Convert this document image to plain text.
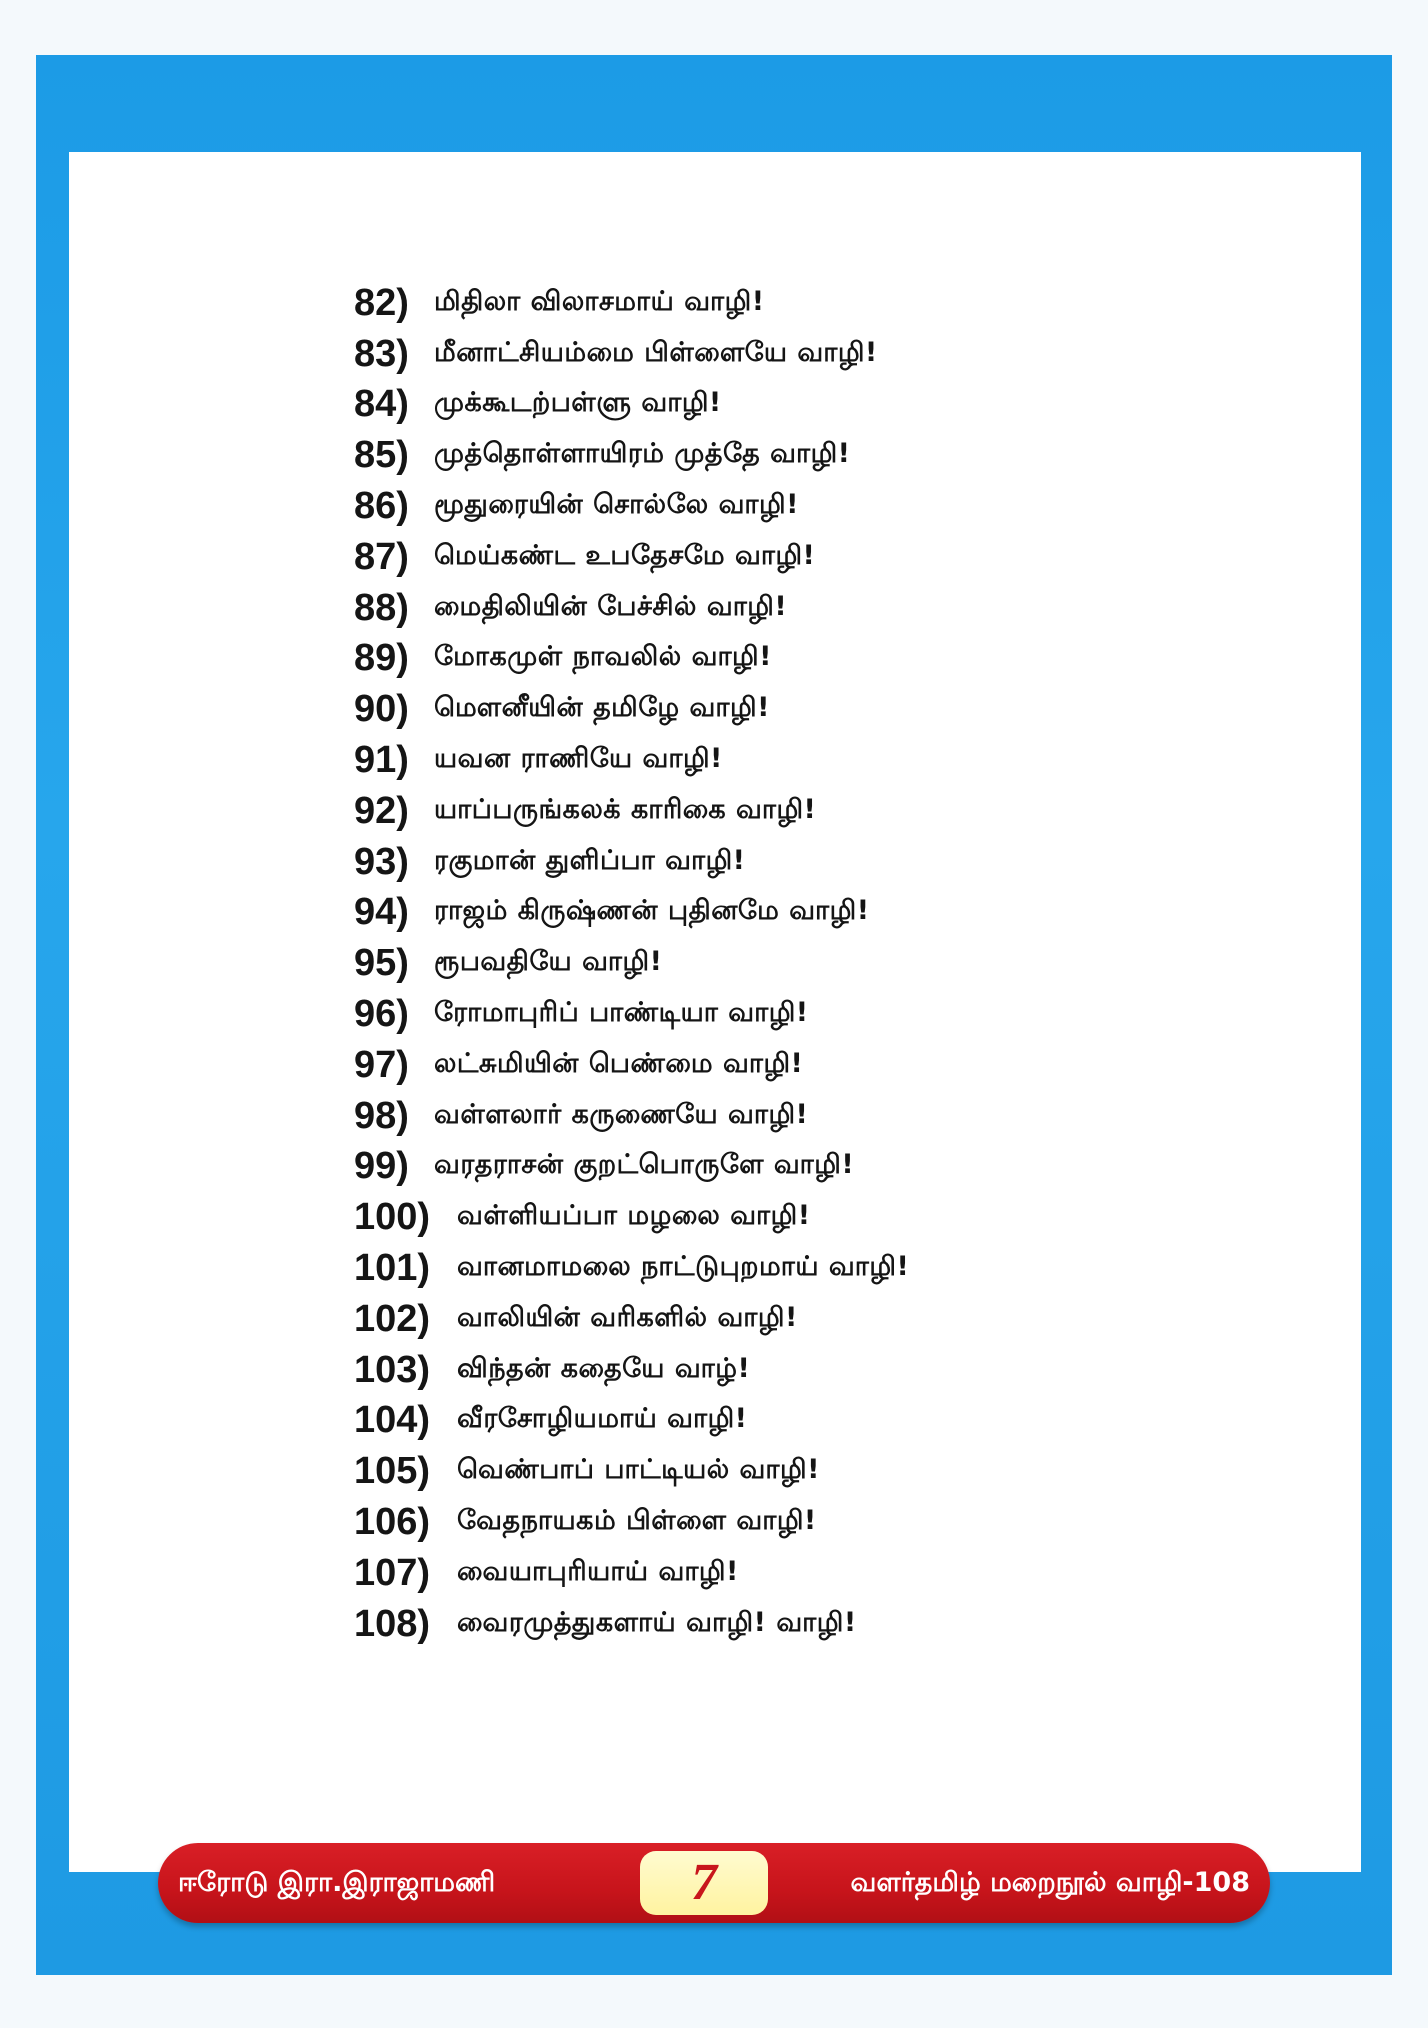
82) மிதிலா விலாசமாய் வாழி!
83) மீனாட்சியம்மை பிள்ளையே வாழி!
84) முக்கூடற்பள்ளு வாழி!
85) முத்தொள்ளாயிரம் முத்தே வாழி!
86) மூதுரையின் சொல்லே வாழி!
87) மெய்கண்ட உபதேசமே வாழி!
88) மைதிலியின் பேச்சில் வாழி!
89) மோகமுள் நாவலில் வாழி!
90) மௌனீயின் தமிழே வாழி!
91) யவன ராணியே வாழி!
92) யாப்பருங்கலக் காரிகை வாழி!
93) ரகுமான் துளிப்பா வாழி!
94) ராஜம் கிருஷ்ணன் புதினமே வாழி!
95) ரூபவதியே வாழி!
96) ரோமாபுரிப் பாண்டியா வாழி!
97) லட்சுமியின் பெண்மை வாழி!
98) வள்ளலார் கருணையே வாழி!
99) வரதராசன் குறட்பொருளே வாழி!
100) வள்ளியப்பா மழலை வாழி!
101) வானமாமலை நாட்டுபுறமாய் வாழி!
102) வாலியின் வரிகளில் வாழி!
103) விந்தன் கதையே வாழ்!
104) வீரசோழியமாய் வாழி!
105) வெண்பாப் பாட்டியல் வாழி!
106) வேதநாயகம் பிள்ளை வாழி!
107) வையாபுரியாய் வாழி!
108) வைரமுத்துகளாய் வாழி! வாழி!
ஈரோடு இரா.இராஜாமணி	7	வளர்தமிழ் மறைநூல் வாழி-108
